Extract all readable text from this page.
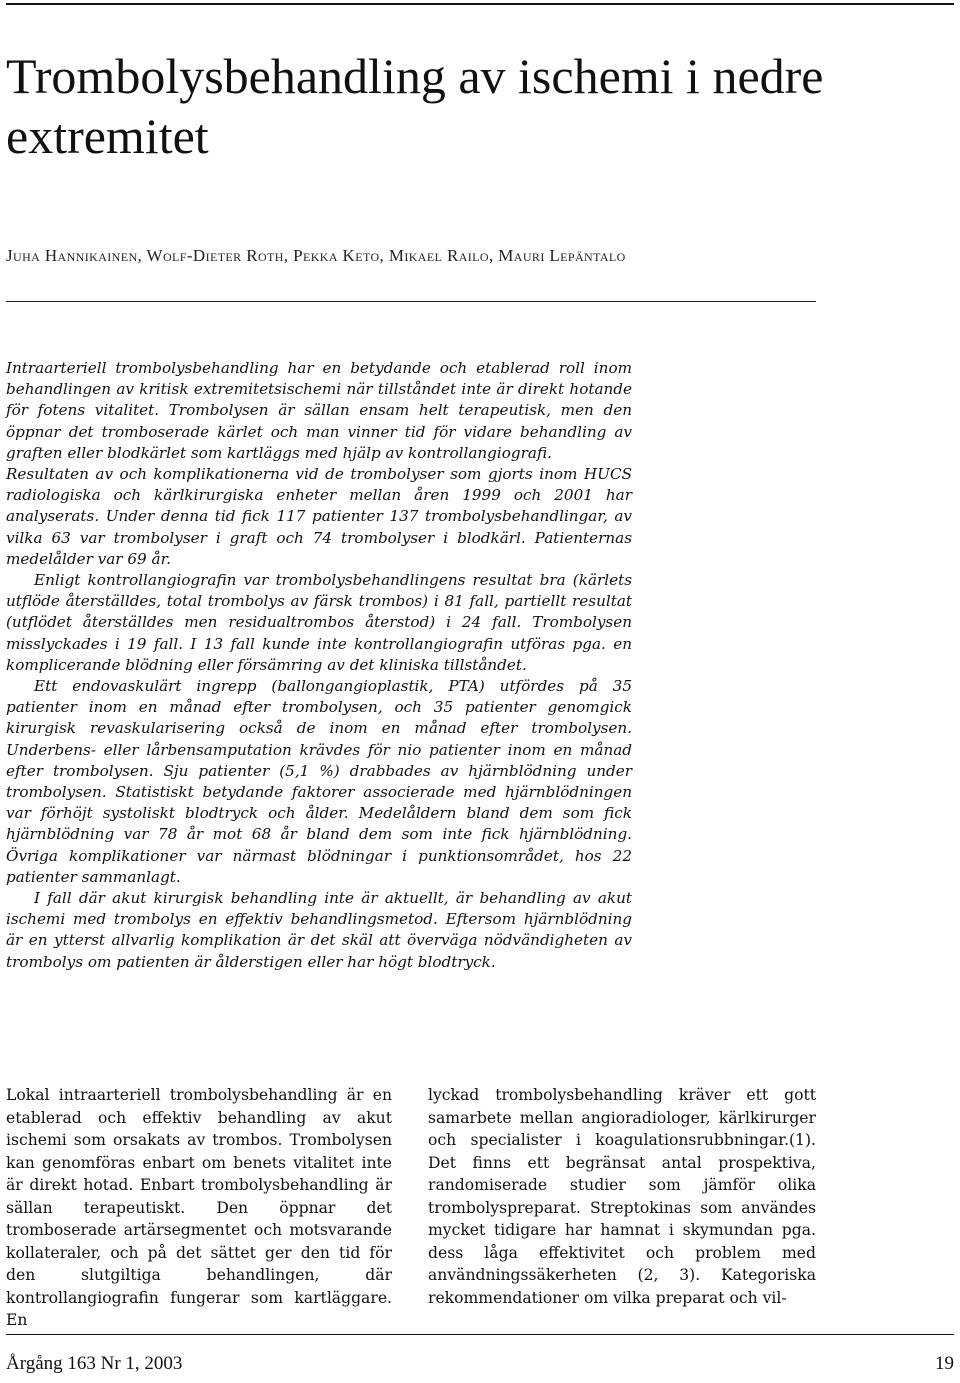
Trombolysbehandling av ischemi i nedre extremitet
Juha Hannikainen, Wolf-Dieter Roth, Pekka Keto, Mikael Railo, Mauri Lepäntalo

Intraarteriell trombolysbehandling har en betydande och etablerad roll inom behandlingen av kritisk extremitetsischemi när tillståndet inte är direkt hotande för fotens vitalitet. Trombolysen är sällan ensam helt terapeutisk, men den öppnar det tromboserade kärlet och man vinner tid för vidare behandling av graften eller blodkärlet som kartläggs med hjälp av kontrollangiografi.

Resultaten av och komplikationerna vid de trombolyser som gjorts inom HUCS radiologiska och kärlkirurgiska enheter mellan åren 1999 och 2001 har analyserats. Under denna tid fick 117 patienter 137 trombolysbehandlingar, av vilka 63 var trombolyser i graft och 74 trombolyser i blodkärl. Patienternas medelålder var 69 år.

Enligt kontrollangiografin var trombolysbehandlingens resultat bra (kärlets utflöde återställdes, total trombolys av färsk trombos) i 81 fall, partiellt resultat (utflödet återställdes men residualtrombos återstod) i 24 fall. Trombolysen misslyckades i 19 fall. I 13 fall kunde inte kontrollangiografin utföras pga. en komplicerande blödning eller försämring av det kliniska tillståndet.

Ett endovaskulärt ingrepp (ballongangioplastik, PTA) utfördes på 35 patienter inom en månad efter trombolysen, och 35 patienter genomgick kirurgisk revaskularisering också de inom en månad efter trombolysen. Underbens- eller lårbensamputation krävdes för nio patienter inom en månad efter trombolysen. Sju patienter (5,1 %) drabbades av hjärnblödning under trombolysen. Statistiskt betydande faktorer associerade med hjärnblödningen var förhöjt systoliskt blodtryck och ålder. Medelåldern bland dem som fick hjärnblödning var 78 år mot 68 år bland dem som inte fick hjärnblödning. Övriga komplikationer var närmast blödningar i punktionsområdet, hos 22 patienter sammanlagt.

I fall där akut kirurgisk behandling inte är aktuellt, är behandling av akut ischemi med trombolys en effektiv behandlingsmetod. Eftersom hjärnblödning är en ytterst allvarlig komplikation är det skäl att överväga nödvändigheten av trombolys om patienten är ålderstigen eller har högt blodtryck.

Lokal intraarteriell trombolysbehandling är en etablerad och effektiv behandling av akut ischemi som orsakats av trombos. Trombolysen kan genomföras enbart om benets vitalitet inte är direkt hotad. Enbart trombolysbehandling är sällan terapeutiskt. Den öppnar det tromboserade artärsegmentet och motsvarande kollateraler, och på det sättet ger den tid för den slutgiltiga behandlingen, där kontrollangiografin fungerar som kartläggare. En
lyckad trombolysbehandling kräver ett gott samarbete mellan angioradiologer, kärlkirurger och specialister i koagulationsrubbningar.(1). Det finns ett begränsat antal prospektiva, randomiserade studier som jämför olika trombolyspreparat. Streptokinas som användes mycket tidigare har hamnat i skymundan pga. dess låga effektivitet och problem med användningssäkerheten (2, 3). Kategoriska rekommendationer om vilka preparat och vil-
Årgång 163 Nr 1, 2003	19
